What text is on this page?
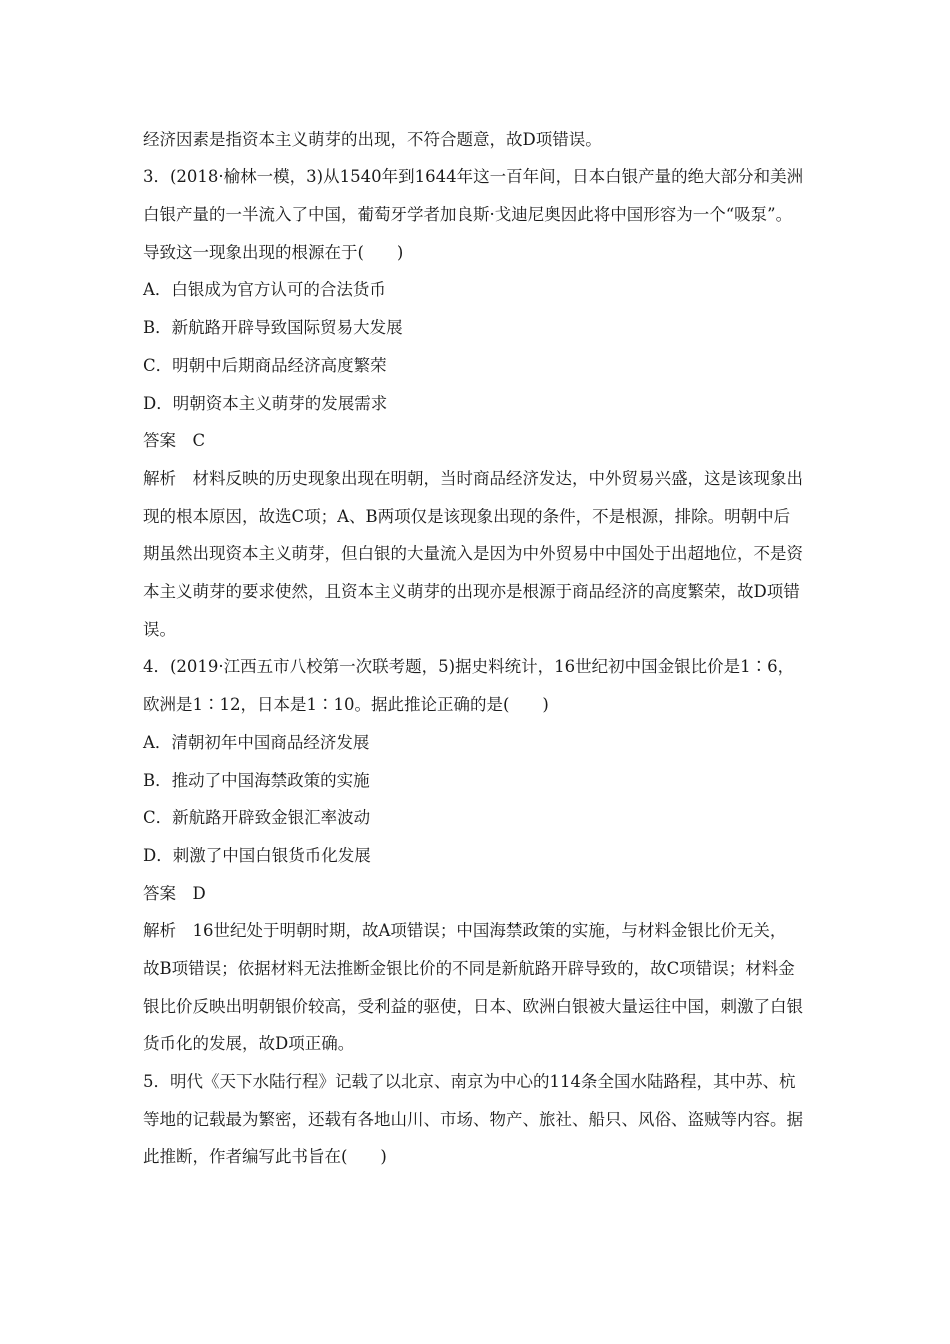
经济因素是指资本主义萌芽的出现，不符合题意，故D项错误。
3．(2018·榆林一模，3)从1540年到1644年这一百年间，日本白银产量的绝大部分和美洲
白银产量的一半流入了中国，葡萄牙学者加良斯·戈迪尼奥因此将中国形容为一个“吸泵”。
导致这一现象出现的根源在于(　　)
A．白银成为官方认可的合法货币
B．新航路开辟导致国际贸易大发展
C．明朝中后期商品经济高度繁荣
D．明朝资本主义萌芽的发展需求
答案　C
解析　材料反映的历史现象出现在明朝，当时商品经济发达，中外贸易兴盛，这是该现象出
现的根本原因，故选C项；A、B两项仅是该现象出现的条件，不是根源，排除。明朝中后
期虽然出现资本主义萌芽，但白银的大量流入是因为中外贸易中中国处于出超地位，不是资
本主义萌芽的要求使然，且资本主义萌芽的出现亦是根源于商品经济的高度繁荣，故D项错
误。
4．(2019·江西五市八校第一次联考题，5)据史料统计，16世纪初中国金银比价是1∶6，
欧洲是1∶12，日本是1∶10。据此推论正确的是(　　)
A．清朝初年中国商品经济发展
B．推动了中国海禁政策的实施
C．新航路开辟致金银汇率波动
D．刺激了中国白银货币化发展
答案　D
解析　16世纪处于明朝时期，故A项错误；中国海禁政策的实施，与材料金银比价无关，
故B项错误；依据材料无法推断金银比价的不同是新航路开辟导致的，故C项错误；材料金
银比价反映出明朝银价较高，受利益的驱使，日本、欧洲白银被大量运往中国，刺激了白银
货币化的发展，故D项正确。
5．明代《天下水陆行程》记载了以北京、南京为中心的114条全国水陆路程，其中苏、杭
等地的记载最为繁密，还载有各地山川、市场、物产、旅社、船只、风俗、盗贼等内容。据
此推断，作者编写此书旨在(　　)
